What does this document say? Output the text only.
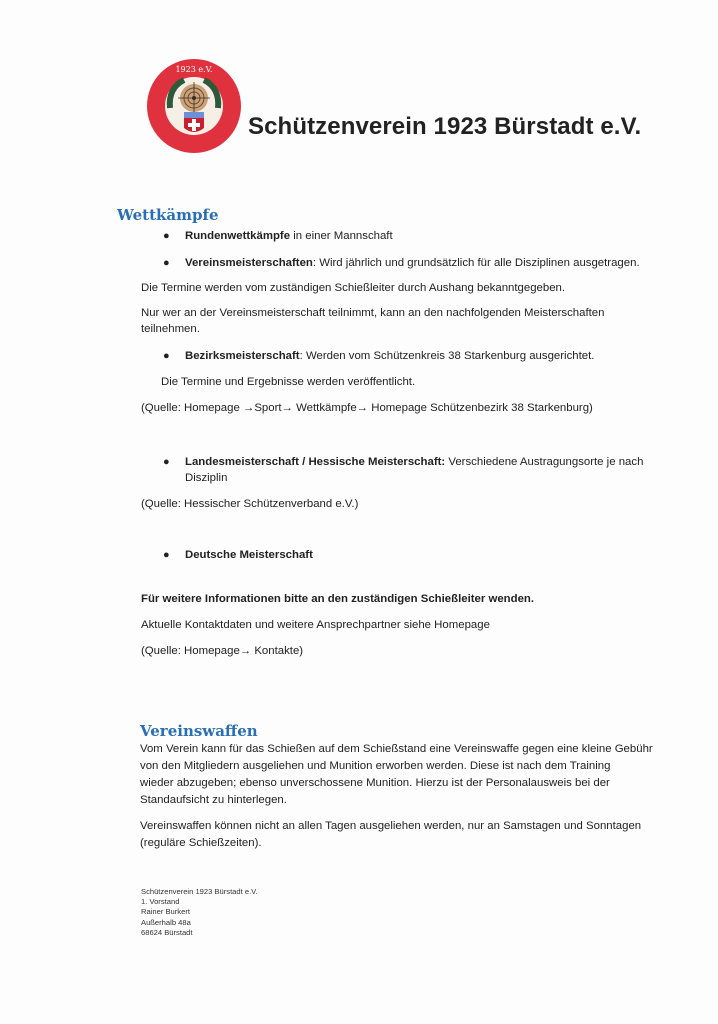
1923 e.V.
Schützenverein 1923 Bürstadt e.V.
Wettkämpfe
● Rundenwettkämpfe in einer Mannschaft
● Vereinsmeisterschaften: Wird jährlich und grundsätzlich für alle Disziplinen ausgetragen.
Die Termine werden vom zuständigen Schießleiter durch Aushang bekanntgegeben.
Nur wer an der Vereinsmeisterschaft teilnimmt, kann an den nachfolgenden Meisterschaften
teilnehmen.
● Bezirksmeisterschaft: Werden vom Schützenkreis 38 Starkenburg ausgerichtet.
Die Termine und Ergebnisse werden veröffentlicht.
(Quelle: Homepage →Sport→ Wettkämpfe→ Homepage Schützenbezirk 38 Starkenburg)
● Landesmeisterschaft / Hessische Meisterschaft: Verschiedene Austragungsorte je nach
Disziplin
(Quelle: Hessischer Schützenverband e.V.)
● Deutsche Meisterschaft
Für weitere Informationen bitte an den zuständigen Schießleiter wenden.
Aktuelle Kontaktdaten und weitere Ansprechpartner siehe Homepage
(Quelle: Homepage→ Kontakte)
Vereinswaffen
Vom Verein kann für das Schießen auf dem Schießstand eine Vereinswaffe gegen eine kleine Gebühr
von den Mitgliedern ausgeliehen und Munition erworben werden. Diese ist nach dem Training
wieder abzugeben; ebenso unverschossene Munition. Hierzu ist der Personalausweis bei der
Standaufsicht zu hinterlegen.
Vereinswaffen können nicht an allen Tagen ausgeliehen werden, nur an Samstagen und Sonntagen
(reguläre Schießzeiten).
Schützenverein 1923 Bürstadt e.V.
1. Vorstand
Rainer Burkert
Außerhalb 48a
68624 Bürstadt
